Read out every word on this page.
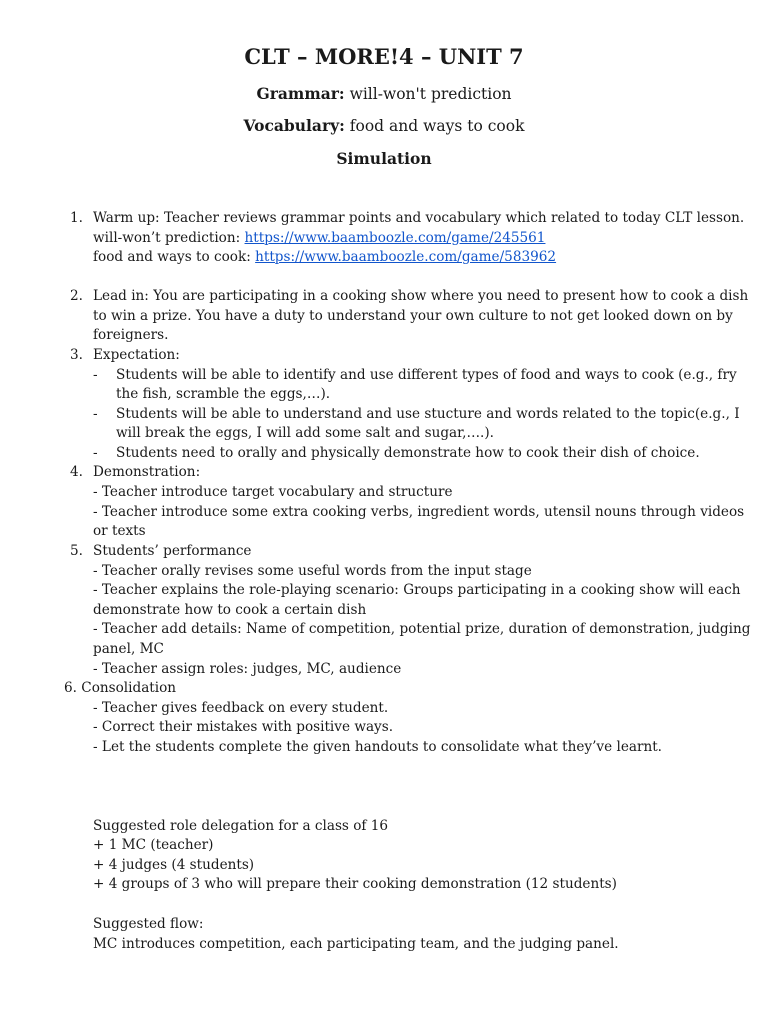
CLT – MORE!4 – UNIT 7
Grammar: will-won't prediction
Vocabulary: food and ways to cook
Simulation
1. Warm up: Teacher reviews grammar points and vocabulary which related to today CLT lesson.
will-won’t prediction: https://www.baamboozle.com/game/245561
food and ways to cook: https://www.baamboozle.com/game/583962
2. Lead in: You are participating in a cooking show where you need to present how to cook a dish
to win a prize. You have a duty to understand your own culture to not get looked down on by
foreigners.
3. Expectation:
- Students will be able to identify and use different types of food and ways to cook (e.g., fry
the fish, scramble the eggs,…).
- Students will be able to understand and use stucture and words related to the topic(e.g., I
will break the eggs, I will add some salt and sugar,….).
- Students need to orally and physically demonstrate how to cook their dish of choice.
4. Demonstration:
- Teacher introduce target vocabulary and structure
- Teacher introduce some extra cooking verbs, ingredient words, utensil nouns through videos
or texts
5. Students’ performance
- Teacher orally revises some useful words from the input stage
- Teacher explains the role-playing scenario: Groups participating in a cooking show will each
demonstrate how to cook a certain dish
- Teacher add details: Name of competition, potential prize, duration of demonstration, judging
panel, MC
- Teacher assign roles: judges, MC, audience
6. Consolidation
- Teacher gives feedback on every student.
- Correct their mistakes with positive ways.
- Let the students complete the given handouts to consolidate what they’ve learnt.
Suggested role delegation for a class of 16
+ 1 MC (teacher)
+ 4 judges (4 students)
+ 4 groups of 3 who will prepare their cooking demonstration (12 students)
Suggested flow:
MC introduces competition, each participating team, and the judging panel.
